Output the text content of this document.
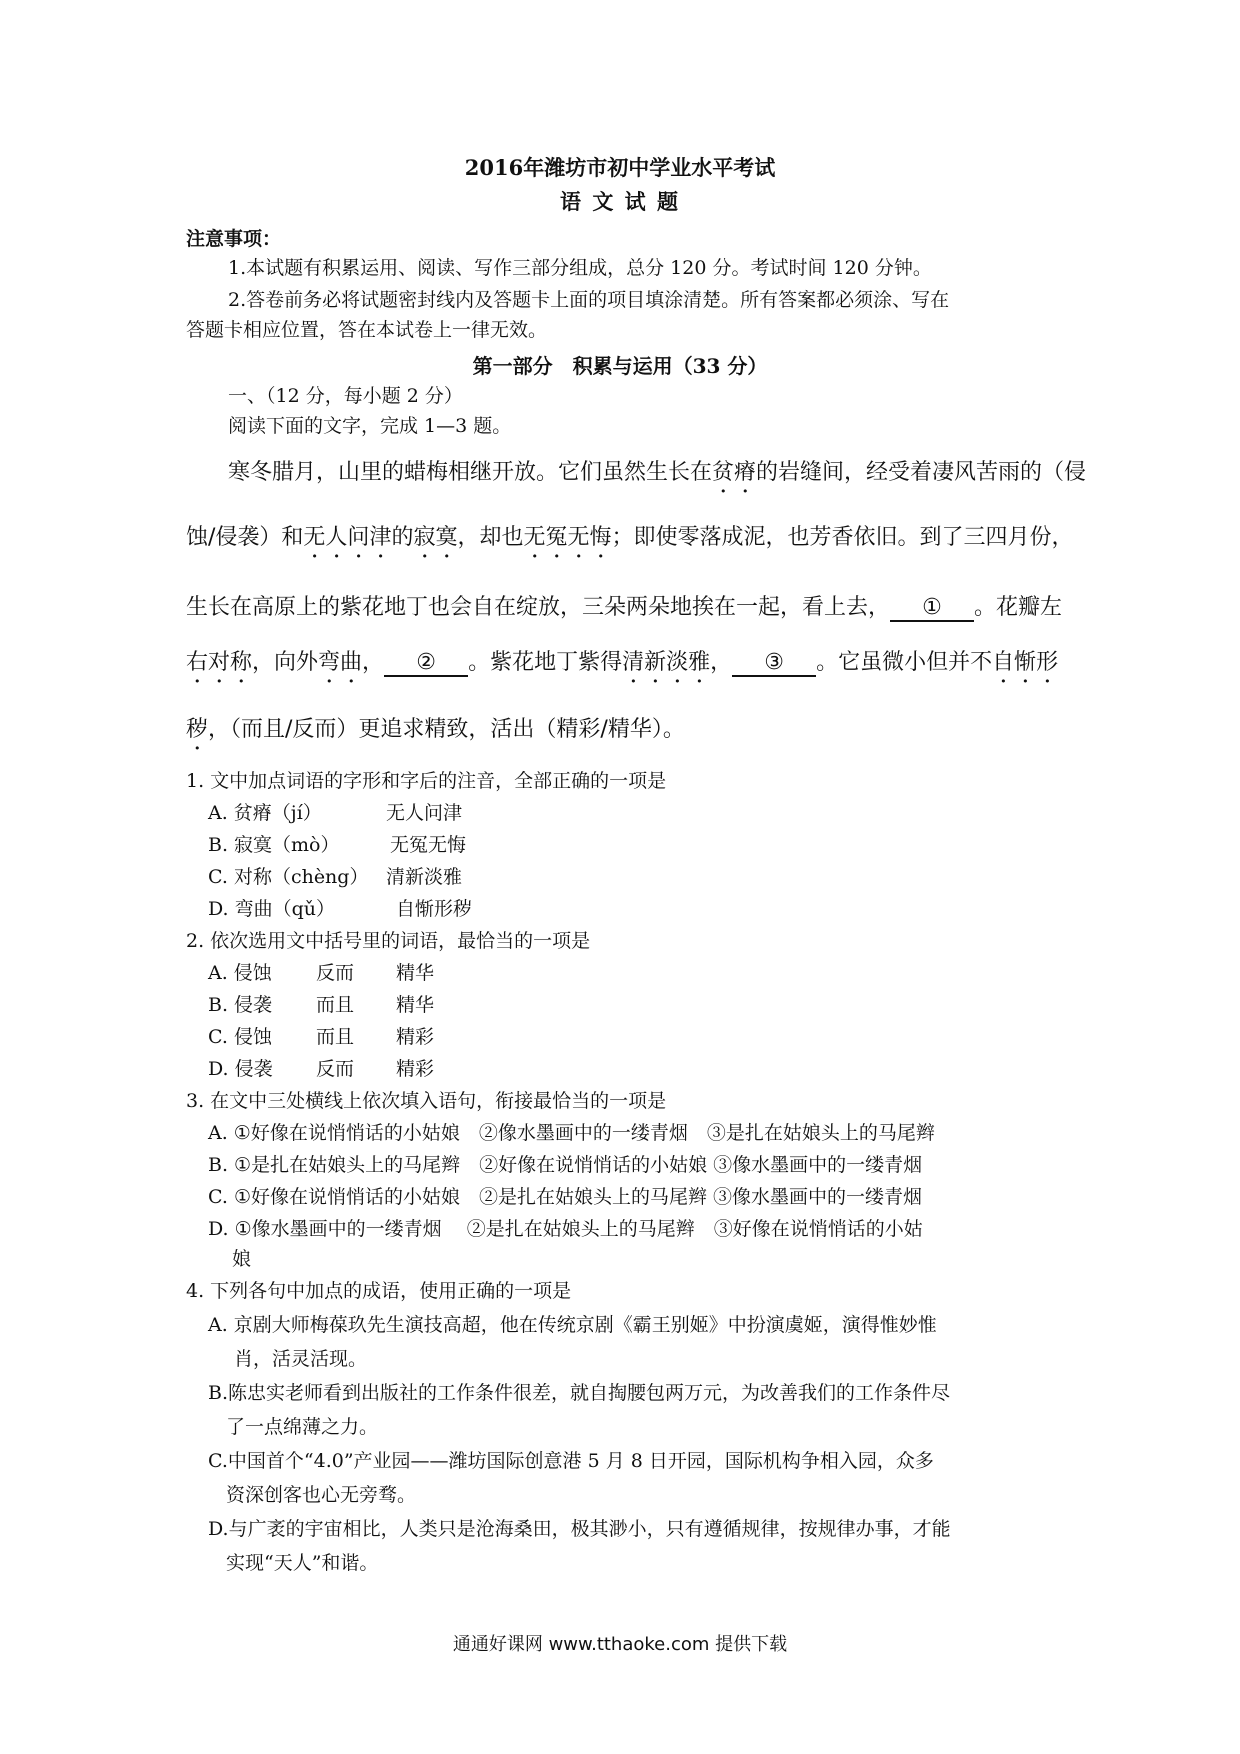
2016年潍坊市初中学业水平考试
语 文 试 题
注意事项：
1.本试题有积累运用、阅读、写作三部分组成，总分 120 分。考试时间 120 分钟。
2.答卷前务必将试题密封线内及答题卡上面的项目填涂清楚。所有答案都必须涂、写在
答题卡相应位置，答在本试卷上一律无效。
第一部分　积累与运用（33 分）
一、（12 分，每小题 2 分）
阅读下面的文字，完成 1—3 题。
寒冬腊月，山里的蜡梅相继开放。它们虽然生长在贫瘠的岩缝间，经受着凄风苦雨的（侵
蚀/侵袭）和无人问津的寂寞，却也无冤无悔；即使零落成泥，也芳香依旧。到了三四月份，
生长在高原上的紫花地丁也会自在绽放，三朵两朵地挨在一起，看上去， ① 。花瓣左
右对称，向外弯曲， ② 。紫花地丁紫得清新淡雅， ③ 。它虽微小但并不自惭形
秽，（而且/反而）更追求精致，活出（精彩/精华）。
1. 文中加点词语的字形和字后的注音，全部正确的一项是
A. 贫瘠（jí）	无人问津
B. 寂寞（mò）	无冤无悔
C. 对称（chèng） 清新淡雅
D. 弯曲（qǔ）	自惭形秽
2. 依次选用文中括号里的词语，最恰当的一项是
A. 侵蚀 反而 精华
B. 侵袭 而且 精华
C. 侵蚀 而且 精彩
D. 侵袭 反而 精彩
3. 在文中三处横线上依次填入语句，衔接最恰当的一项是
A. ①好像在说悄悄话的小姑娘　②像水墨画中的一缕青烟　③是扎在姑娘头上的马尾辫
B. ①是扎在姑娘头上的马尾辫　②好像在说悄悄话的小姑娘 ③像水墨画中的一缕青烟
C. ①好像在说悄悄话的小姑娘　②是扎在姑娘头上的马尾辫 ③像水墨画中的一缕青烟
D. ①像水墨画中的一缕青烟　 ②是扎在姑娘头上的马尾辫　③好像在说悄悄话的小姑
娘
4. 下列各句中加点的成语，使用正确的一项是
A. 京剧大师梅葆玖先生演技高超，他在传统京剧《霸王别姬》中扮演虞姬，演得惟妙惟
肖，活灵活现。
B.陈忠实老师看到出版社的工作条件很差，就自掏腰包两万元，为改善我们的工作条件尽
了一点绵薄之力。
C.中国首个“4.0”产业园——潍坊国际创意港 5 月 8 日开园，国际机构争相入园，众多
资深创客也心无旁骛。
D.与广袤的宇宙相比，人类只是沧海桑田，极其渺小，只有遵循规律，按规律办事，才能
实现“天人”和谐。
通通好课网 www.tthaoke.com 提供下载
